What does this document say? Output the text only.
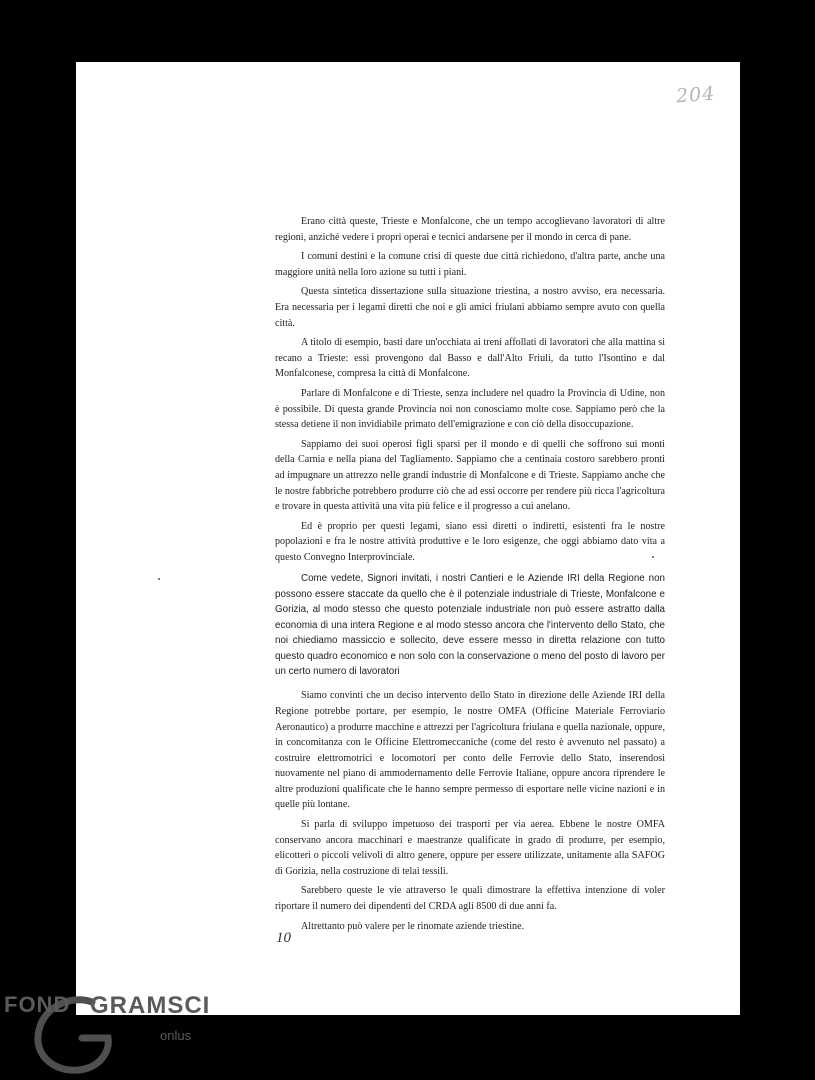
204

Erano città queste, Trieste e Monfalcone, che un tempo accoglievano lavoratori di altre regioni, anziché vedere i propri operai e tecnici andarsene per il mondo in cerca di pane.

I comuni destini e la comune crisi di queste due città richiedono, d'altra parte, anche una maggiore unità nella loro azione su tutti i piani.

Questa sintetica dissertazione sulla situazione triestina, a nostro avviso, era necessaria. Era necessaria per i legami diretti che noi e gli amici friulani abbiamo sempre avuto con quella città.

A titolo di esempio, basti dare un'occhiata ai treni affollati di lavoratori che alla mattina si recano a Trieste: essi provengono dal Basso e dall'Alto Friuli, da tutto l'Isontino e dal Monfalconese, compresa la città di Monfalcone.

Parlare di Monfalcone e di Trieste, senza includere nel quadro la Provincia di Udine, non è possibile. Di questa grande Provincia noi non conosciamo molte cose. Sappiamo però che la stessa detiene il non invidiabile primato dell'emigrazione e con ciò della disoccupazione.

Sappiamo dei suoi operosi figli sparsi per il mondo e di quelli che soffrono sui monti della Carnia e nella piana del Tagliamento. Sappiamo che a centinaia costoro sarebbero pronti ad impugnare un attrezzo nelle grandi industrie di Monfalcone e di Trieste. Sappiamo anche che le nostre fabbriche potrebbero produrre ciò che ad essi occorre per rendere più ricca l'agricoltura e trovare in questa attività una vita più felice e il progresso a cui anelano.

Ed è proprio per questi legami, siano essi diretti o indiretti, esistenti fra le nostre popolazioni e fra le nostre attività produttive e le loro esigenze, che oggi abbiamo dato vita a questo Convegno Interprovinciale.

Come vedete, Signori invitati, i nostri Cantieri e le Aziende IRI della Regione non possono essere staccate da quello che è il potenziale industriale di Trieste, Monfalcone e Gorizia, al modo stesso che questo potenziale industriale non può essere astratto dalla economia di una intera Regione e al modo stesso ancora che l'intervento dello Stato, che noi chiediamo massiccio e sollecito, deve essere messo in diretta relazione con tutto questo quadro economico e non solo con la conservazione o meno del posto di lavoro per un certo numero di lavoratori

Siamo convinti che un deciso intervento dello Stato in direzione delle Aziende IRI della Regione potrebbe portare, per esempio, le nostre OMFA (Officine Materiale Ferroviario Aeronautico) a produrre macchine e attrezzi per l'agricoltura friulana e quella nazionale, oppure, in concomitanza con le Officine Elettromeccaniche (come del resto è avvenuto nel passato) a costruire elettromotrici e locomotori per conto delle Ferrovie dello Stato, inserendosi nuovamente nel piano di ammodernamento delle Ferrovie Italiane, oppure ancora riprendere le altre produzioni qualificate che le hanno sempre permesso di esportare nelle vicine nazioni e in quelle più lontane.

Si parla di sviluppo impetuoso dei trasporti per via aerea. Ebbene le nostre OMFA conservano ancora macchinari e maestranze qualificate in grado di produrre, per esempio, elicotteri o piccoli velivoli di altro genere, oppure per essere utilizzate, unitamente alla SAFOG di Gorizia, nella costruzione di telai tessili.

Sarebbero queste le vie attraverso le quali dimostrare la effettiva intenzione di voler riportare il numero dei dipendenti del CRDA agli 8500 di due anni fa.

Altrettanto può valere per le rinomate aziende triestine.

10
FOND GRAMSCI
onlus
